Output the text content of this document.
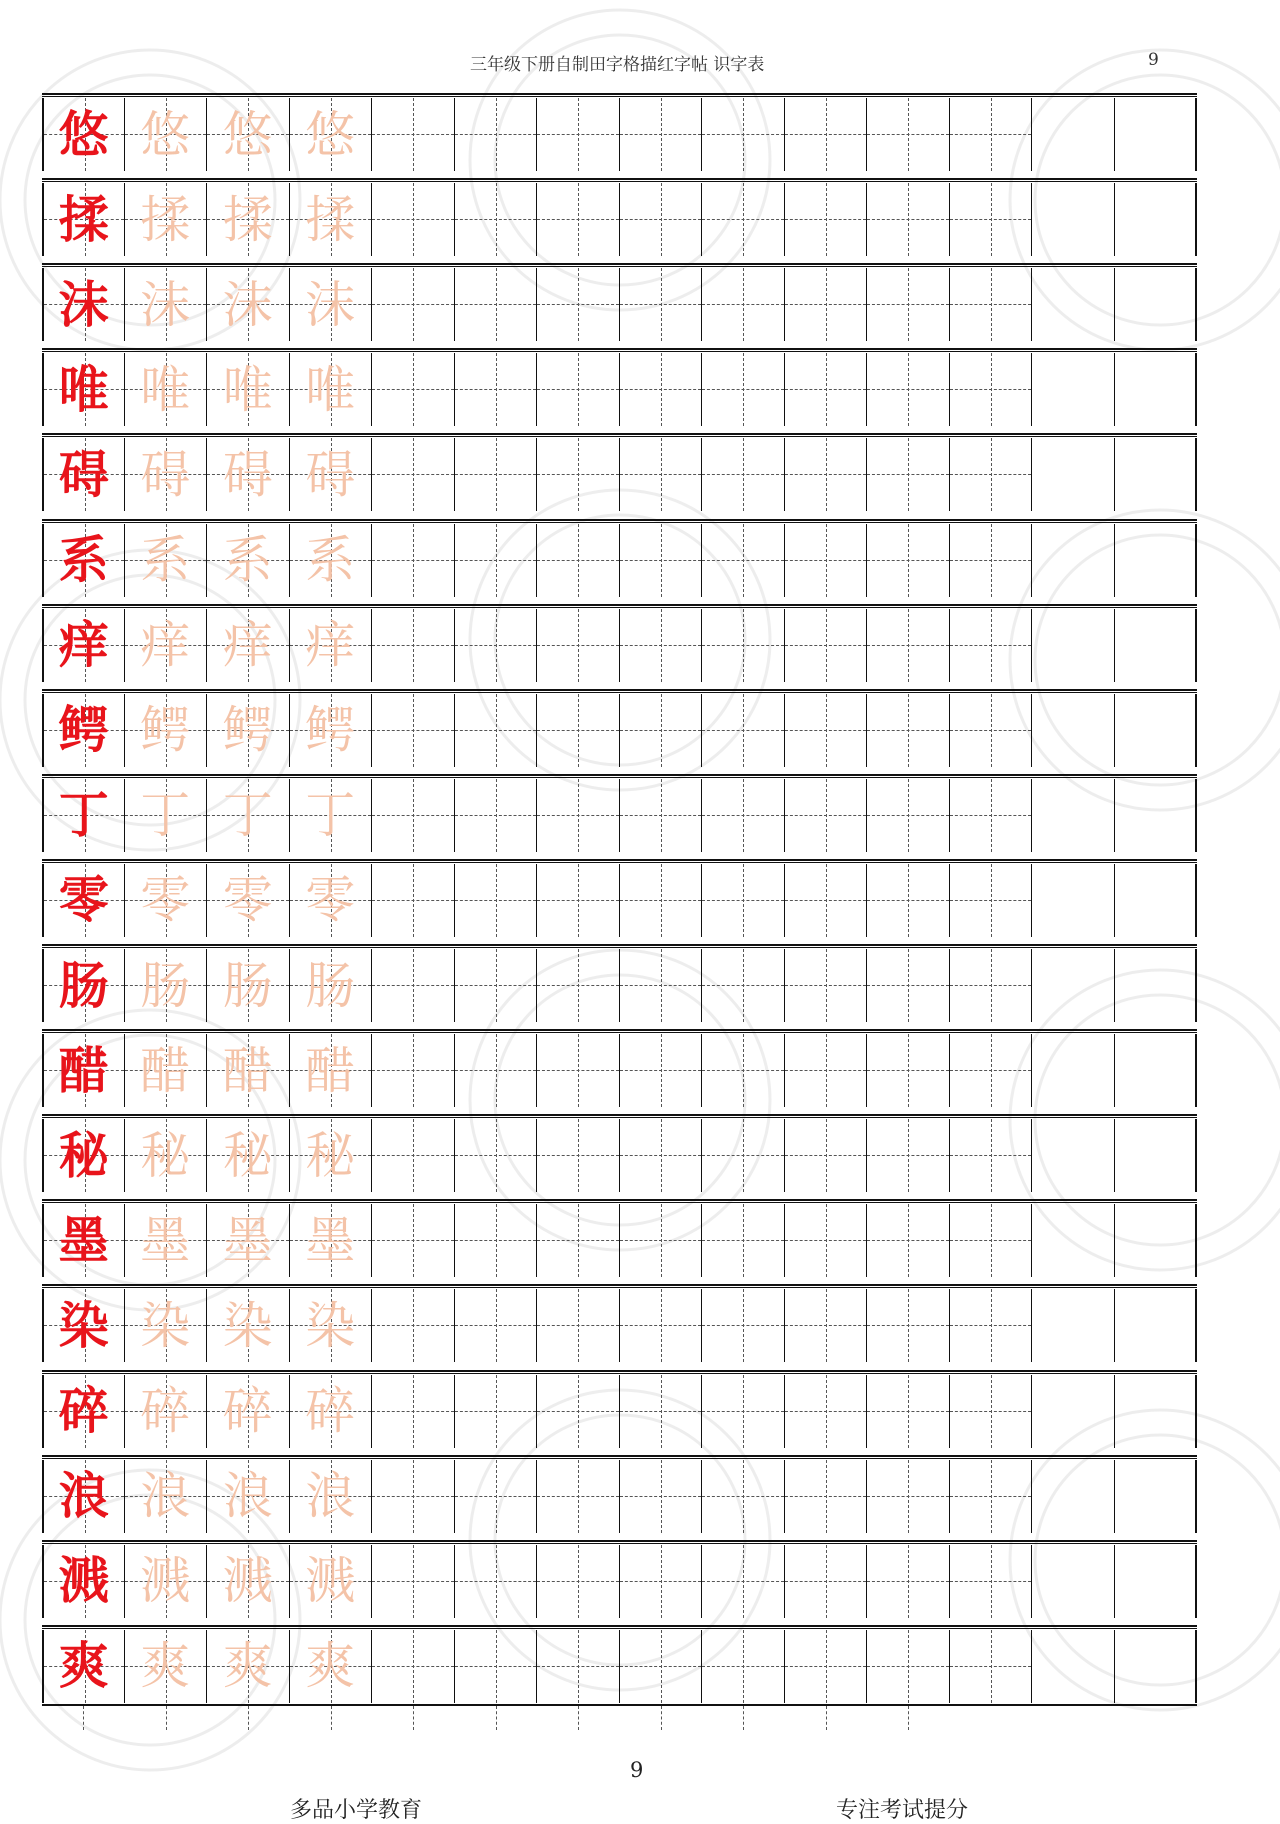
三年级下册自制田字格描红字帖 识字表	9
悠 悠 悠 悠
揉 揉 揉 揉
沫 沫 沫 沫
唯 唯 唯 唯
碍 碍 碍 碍
系 系 系 系
痒 痒 痒 痒
鳄 鳄 鳄 鳄
丁 丁 丁 丁
零 零 零 零
肠 肠 肠 肠
醋 醋 醋 醋
秘 秘 秘 秘
墨 墨 墨 墨
染 染 染 染
碎 碎 碎 碎
浪 浪 浪 浪
溅 溅 溅 溅
爽 爽 爽 爽
9
多品小学教育	专注考试提分
